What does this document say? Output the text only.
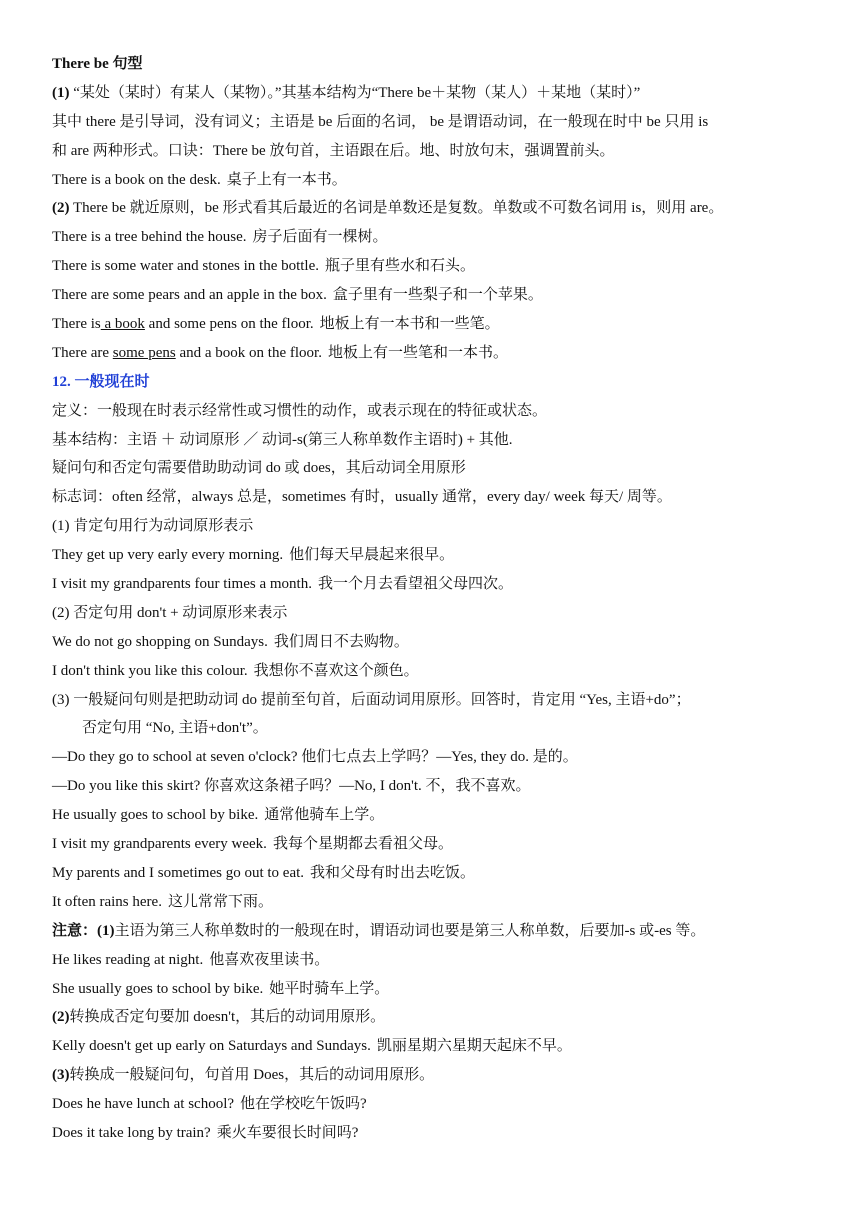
There be 句型
(1) “某处（某时）有某人（某物）。”其基本结构为“There be＋某物（某人）＋某地（某时）”
其中 there 是引导词，没有词义；主语是 be 后面的名词， be 是谓语动词，在一般现在时中 be 只用 is
和 are 两种形式。口诀：There be 放句首，主语跟在后。地、时放句末，强调置前头。
There is a book on the desk. 桌子上有一本书。
(2) There be 就近原则，be 形式看其后最近的名词是单数还是复数。单数或不可数名词用 is，则用 are。
There is a tree behind the house. 房子后面有一棵树。
There is some water and stones in the bottle. 瓶子里有些水和石头。
There are some pears and an apple in the box. 盒子里有一些梨子和一个苹果。
There is a book and some pens on the floor. 地板上有一本书和一些笔。
There are some pens and a book on the floor. 地板上有一些笔和一本书。
12. 一般现在时
定义：一般现在时表示经常性或习惯性的动作，或表示现在的特征或状态。
基本结构：主语 ＋ 动词原形 ／ 动词-s(第三人称单数作主语时) + 其他.
疑问句和否定句需要借助助动词 do 或 does，其后动词全用原形
标志词：often 经常，always 总是，sometimes 有时，usually 通常，every day/ week 每天/ 周等。
(1) 肯定句用行为动词原形表示
They get up very early every morning. 他们每天早晨起来很早。
I visit my grandparents four times a month. 我一个月去看望祖父母四次。
(2) 否定句用 don't + 动词原形来表示
We do not go shopping on Sundays. 我们周日不去购物。
I don't think you like this colour. 我想你不喜欢这个颜色。
(3) 一般疑问句则是把助动词 do 提前至句首，后面动词用原形。回答时，肯定用 “Yes, 主语+do”；
否定句用 “No, 主语+don't”。
—Do they go to school at seven o'clock? 他们七点去上学吗？—Yes, they do. 是的。
—Do you like this skirt? 你喜欢这条裙子吗？—No, I don't. 不，我不喜欢。
He usually goes to school by bike. 通常他骑车上学。
I visit my grandparents every week. 我每个星期都去看祖父母。
My parents and I sometimes go out to eat. 我和父母有时出去吃饭。
It often rains here. 这儿常常下雨。
注意：(1)主语为第三人称单数时的一般现在时，谓语动词也要是第三人称单数，后要加-s 或-es 等。
He likes reading at night. 他喜欢夜里读书。
She usually goes to school by bike. 她平时骑车上学。
(2)转换成否定句要加 doesn't，其后的动词用原形。
Kelly doesn't get up early on Saturdays and Sundays. 凯丽星期六星期天起床不早。
(3)转换成一般疑问句，句首用 Does，其后的动词用原形。
Does he have lunch at school? 他在学校吃午饭吗?
Does it take long by train? 乘火车要很长时间吗?
